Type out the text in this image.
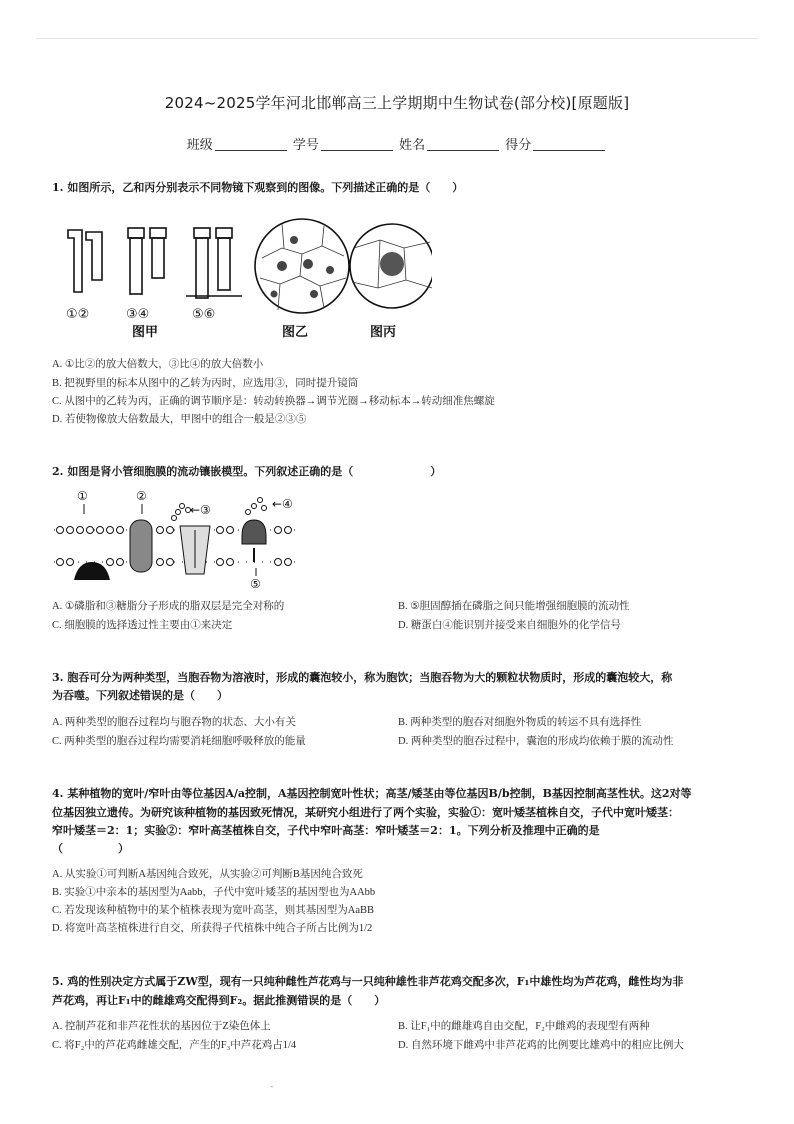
2024~2025学年河北邯郸高三上学期期中生物试卷(部分校)[原题版]
班级	学号	姓名	得分
1. 如图所示，乙和丙分别表示不同物镜下观察到的图像。下列描述正确的是（　　）
①②	③④	⑤⑥
图甲	图乙	图丙
A. ①比②的放大倍数大，③比④的放大倍数小
B. 把视野里的标本从图中的乙转为丙时，应选用③，同时提升镜筒
C. 从图中的乙转为丙，正确的调节顺序是：转动转换器→调节光圈→移动标本→转动细准焦螺旋
D. 若使物像放大倍数最大，甲图中的组合一般是②③⑤
2. 如图是肾小管细胞膜的流动镶嵌模型。下列叙述正确的是（　　　　　　　）
①	②
←③	←④
⑤
A. ①磷脂和③糖脂分子形成的脂双层是完全对称的	B. ⑤胆固醇插在磷脂之间只能增强细胞膜的流动性
C. 细胞膜的选择透过性主要由①来决定	D. 糖蛋白④能识别并接受来自细胞外的化学信号
3. 胞吞可分为两种类型，当胞吞物为溶液时，形成的囊泡较小，称为胞饮；当胞吞物为大的颗粒状物质时，形成的囊泡较大，称
为吞噬。下列叙述错误的是（　　）
A. 两种类型的胞吞过程均与胞吞物的状态、大小有关	B. 两种类型的胞吞对细胞外物质的转运不具有选择性
C. 两种类型的胞吞过程均需要消耗细胞呼吸释放的能量	D. 两种类型的胞吞过程中，囊泡的形成均依赖于膜的流动性
4. 某种植物的宽叶/窄叶由等位基因A/a控制，A基因控制宽叶性状；高茎/矮茎由等位基因B/b控制，B基因控制高茎性状。这2对等
位基因独立遗传。为研究该种植物的基因致死情况，某研究小组进行了两个实验，实验①：宽叶矮茎植株自交，子代中宽叶矮茎：
窄叶矮茎＝2：1；实验②：窄叶高茎植株自交，子代中窄叶高茎：窄叶矮茎＝2：1。下列分析及推理中正确的是
（　　　　　）
A. 从实验①可判断A基因纯合致死，从实验②可判断B基因纯合致死
B. 实验①中亲本的基因型为Aabb，子代中宽叶矮茎的基因型也为AAbb
C. 若发现该种植物中的某个植株表现为宽叶高茎，则其基因型为AaBB
D. 将宽叶高茎植株进行自交，所获得子代植株中纯合子所占比例为1/2
5. 鸡的性别决定方式属于ZW型，现有一只纯种雌性芦花鸡与一只纯种雄性非芦花鸡交配多次，F₁中雄性均为芦花鸡，雌性均为非
芦花鸡，再让F₁中的雌雄鸡交配得到F₂。据此推测错误的是（　　）
A. 控制芦花和非芦花性状的基因位于Z染色体上	B. 让F₁中的雌雄鸡自由交配，F₂中雌鸡的表现型有两种
C. 将F₂中的芦花鸡雌雄交配，产生的F₃中芦花鸡占1/4	D. 自然环境下雌鸡中非芦花鸡的比例要比雄鸡中的相应比例大
-
